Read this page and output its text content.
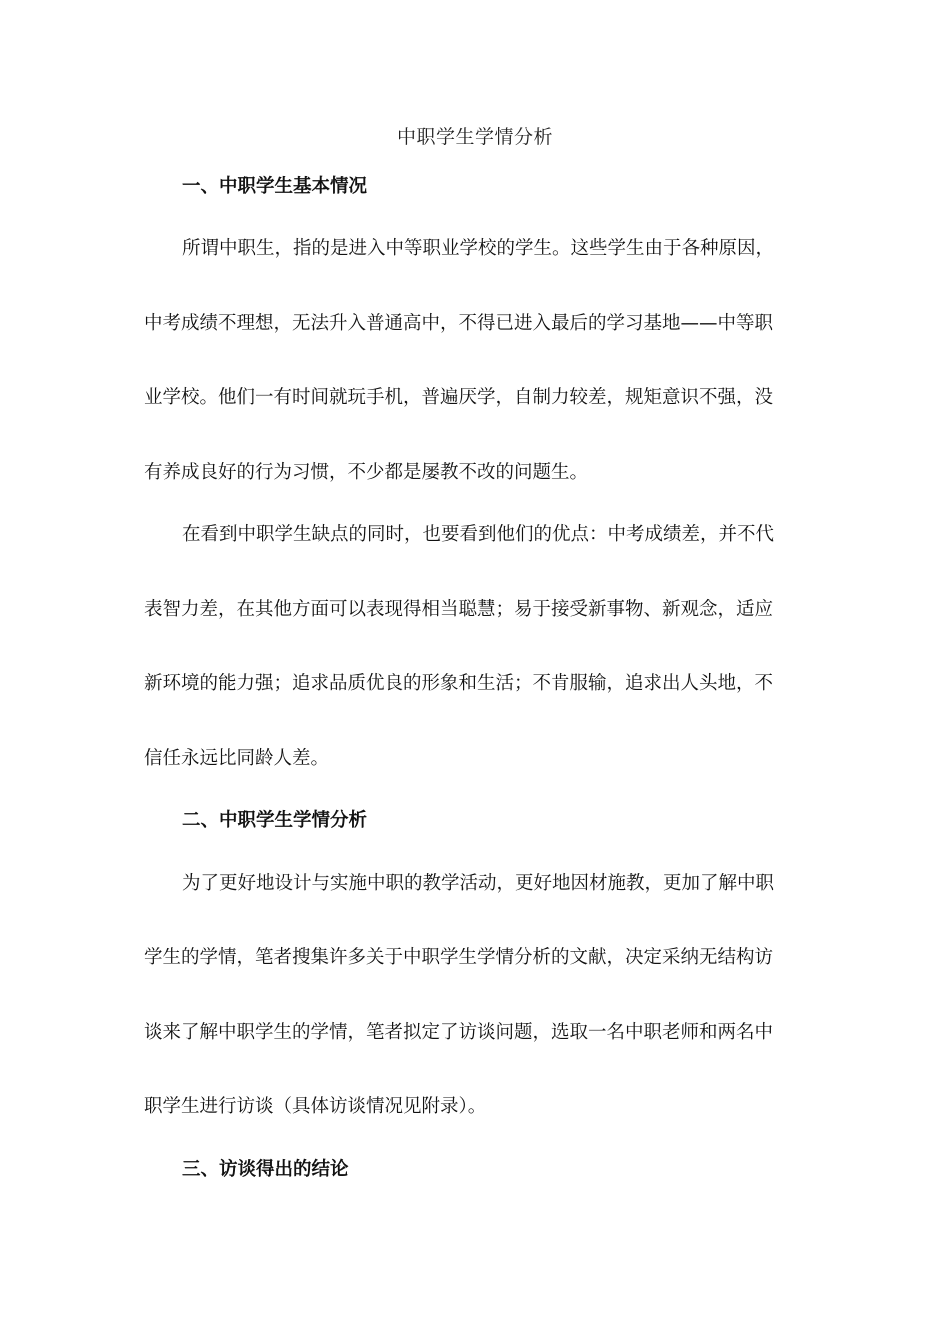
中职学生学情分析
一、中职学生基本情况
所谓中职生，指的是进入中等职业学校的学生。这些学生由于各种原因，
中考成绩不理想，无法升入普通高中，不得已进入最后的学习基地——中等职
业学校。他们一有时间就玩手机，普遍厌学，自制力较差，规矩意识不强，没
有养成良好的行为习惯，不少都是屡教不改的问题生。
在看到中职学生缺点的同时，也要看到他们的优点：中考成绩差，并不代
表智力差，在其他方面可以表现得相当聪慧；易于接受新事物、新观念，适应
新环境的能力强；追求品质优良的形象和生活；不肯服输，追求出人头地，不
信任永远比同龄人差。
二、中职学生学情分析
为了更好地设计与实施中职的教学活动，更好地因材施教，更加了解中职
学生的学情，笔者搜集许多关于中职学生学情分析的文献，决定采纳无结构访
谈来了解中职学生的学情，笔者拟定了访谈问题，选取一名中职老师和两名中
职学生进行访谈（具体访谈情况见附录）。
三、访谈得出的结论
